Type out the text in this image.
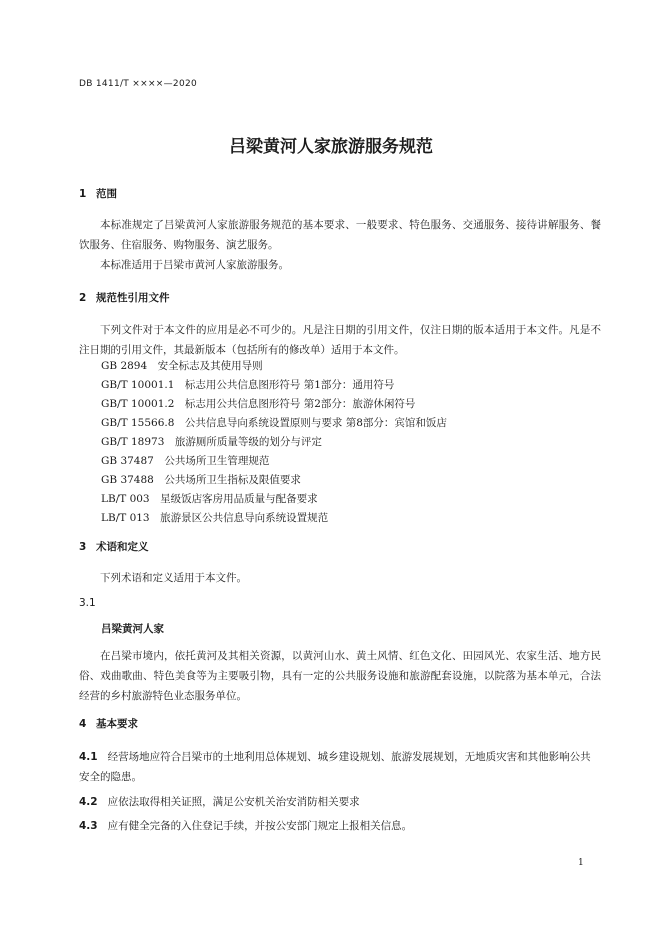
DB 1411/T ××××—2020
吕梁黄河人家旅游服务规范
1 范围
本标准规定了吕梁黄河人家旅游服务规范的基本要求、一般要求、特色服务、交通服务、接待讲解服务、餐饮服务、住宿服务、购物服务、演艺服务。
本标准适用于吕梁市黄河人家旅游服务。
2 规范性引用文件
下列文件对于本文件的应用是必不可少的。凡是注日期的引用文件，仅注日期的版本适用于本文件。凡是不注日期的引用文件，其最新版本（包括所有的修改单）适用于本文件。
GB 2894　安全标志及其使用导则
GB/T 10001.1　标志用公共信息图形符号 第1部分：通用符号
GB/T 10001.2　标志用公共信息图形符号 第2部分：旅游休闲符号
GB/T 15566.8　公共信息导向系统设置原则与要求 第8部分：宾馆和饭店
GB/T 18973　旅游厕所质量等级的划分与评定
GB 37487　公共场所卫生管理规范
GB 37488　公共场所卫生指标及限值要求
LB/T 003　星级饭店客房用品质量与配备要求
LB/T 013　旅游景区公共信息导向系统设置规范
3 术语和定义
下列术语和定义适用于本文件。
3.1
吕梁黄河人家
在吕梁市境内，依托黄河及其相关资源，以黄河山水、黄土风情、红色文化、田园风光、农家生活、地方民俗、戏曲歌曲、特色美食等为主要吸引物，具有一定的公共服务设施和旅游配套设施，以院落为基本单元，合法经营的乡村旅游特色业态服务单位。
4 基本要求
4.1 经营场地应符合吕梁市的土地利用总体规划、城乡建设规划、旅游发展规划，无地质灾害和其他影响公共安全的隐患。
4.2 应依法取得相关证照，满足公安机关治安消防相关要求
4.3 应有健全完备的入住登记手续，并按公安部门规定上报相关信息。
1
